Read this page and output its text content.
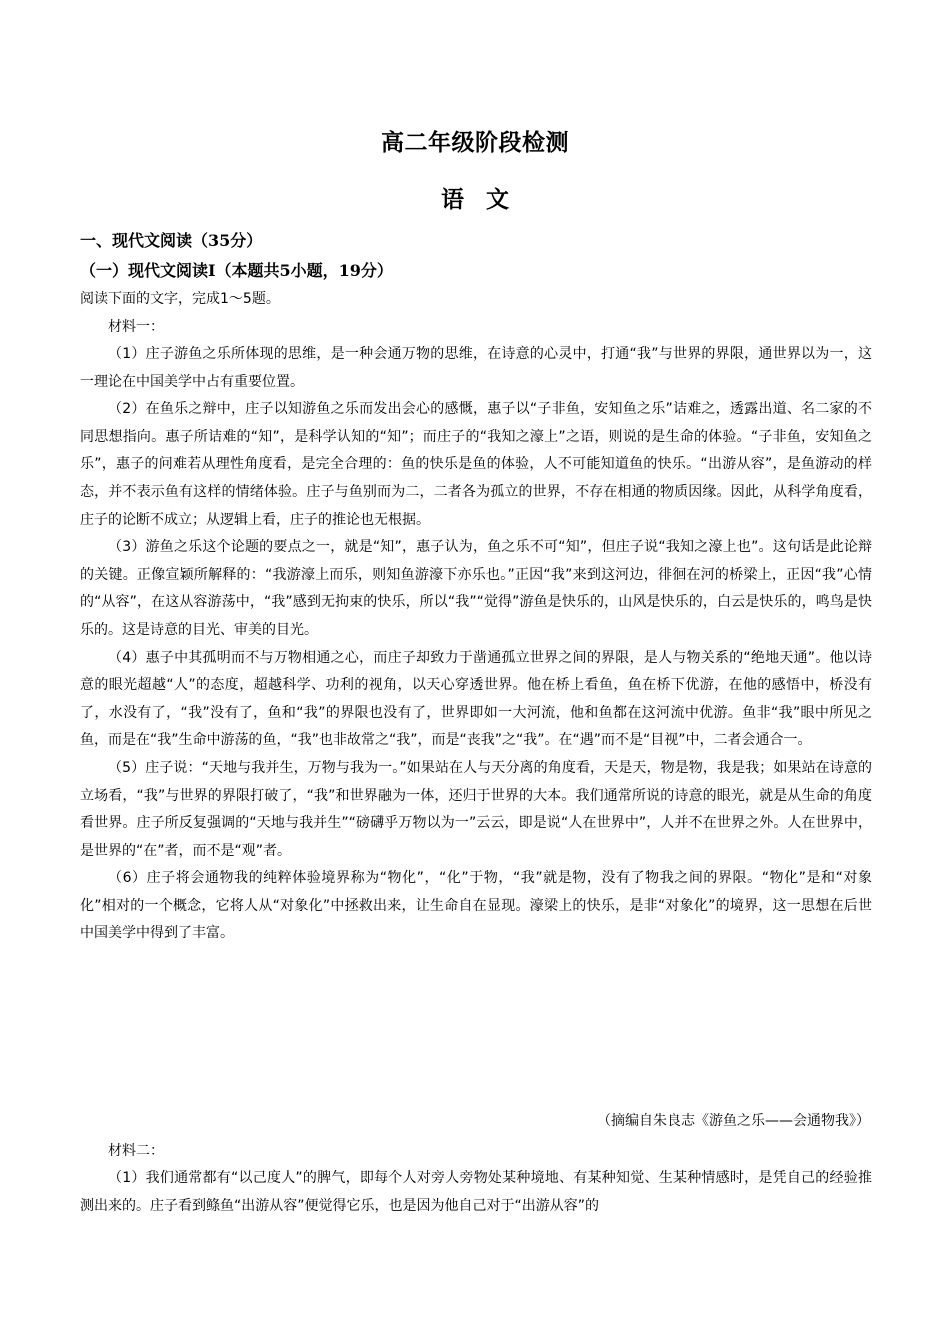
高二年级阶段检测
语文
一、现代文阅读（35分）
（一）现代文阅读Ⅰ（本题共5小题，19分）
阅读下面的文字，完成1～5题。
材料一：

（1）庄子游鱼之乐所体现的思维，是一种会通万物的思维，在诗意的心灵中，打通“我”与世界的界限，通世界以为一，这一理论在中国美学中占有重要位置。

（2）在鱼乐之辩中，庄子以知游鱼之乐而发出会心的感慨，惠子以“子非鱼，安知鱼之乐”诘难之，透露出道、名二家的不同思想指向。惠子所诘难的“知”，是科学认知的“知”；而庄子的“我知之濠上”之语，则说的是生命的体验。“子非鱼，安知鱼之乐”，惠子的问难若从理性角度看，是完全合理的：鱼的快乐是鱼的体验，人不可能知道鱼的快乐。“出游从容”，是鱼游动的样态，并不表示鱼有这样的情绪体验。庄子与鱼别而为二，二者各为孤立的世界，不存在相通的物质因缘。因此，从科学角度看，庄子的论断不成立；从逻辑上看，庄子的推论也无根据。

（3）游鱼之乐这个论题的要点之一，就是“知”，惠子认为，鱼之乐不可“知”，但庄子说“我知之濠上也”。这句话是此论辩的关键。正像宣颖所解释的：“我游濠上而乐，则知鱼游濠下亦乐也。”正因“我”来到这河边，徘徊在河的桥梁上，正因“我”心情的“从容”，在这从容游荡中，“我”感到无拘束的快乐，所以“我”“觉得”游鱼是快乐的，山风是快乐的，白云是快乐的，鸣鸟是快乐的。这是诗意的目光、审美的目光。

（4）惠子中其孤明而不与万物相通之心，而庄子却致力于凿通孤立世界之间的界限，是人与物关系的“绝地天通”。他以诗意的眼光超越“人”的态度，超越科学、功利的视角，以天心穿透世界。他在桥上看鱼，鱼在桥下优游，在他的感悟中，桥没有了，水没有了，“我”没有了，鱼和“我”的界限也没有了，世界即如一大河流，他和鱼都在这河流中优游。鱼非“我”眼中所见之鱼，而是在“我”生命中游荡的鱼，“我”也非故常之“我”，而是“丧我”之“我”。在“遇”而不是“目视”中，二者会通合一。

（5）庄子说：“天地与我并生，万物与我为一。”如果站在人与天分离的角度看，天是天，物是物，我是我；如果站在诗意的立场看，“我”与世界的界限打破了，“我”和世界融为一体，还归于世界的大本。我们通常所说的诗意的眼光，就是从生命的角度看世界。庄子所反复强调的“天地与我并生”“磅礴乎万物以为一”云云，即是说“人在世界中”，人并不在世界之外。人在世界中，是世界的“在”者，而不是“观”者。

（6）庄子将会通物我的纯粹体验境界称为“物化”，“化”于物，“我”就是物，没有了物我之间的界限。“物化”是和“对象化”相对的一个概念，它将人从“对象化”中拯救出来，让生命自在显现。濠梁上的快乐，是非“对象化”的境界，这一思想在后世中国美学中得到了丰富。

（摘编自朱良志《游鱼之乐——会通物我》）
材料二：

（1）我们通常都有“以己度人”的脾气，即每个人对旁人旁物处某种境地、有某种知觉、生某种情感时，是凭自己的经验推测出来的。庄子看到鲦鱼“出游从容”便觉得它乐，也是因为他自己对于“出游从容”的
